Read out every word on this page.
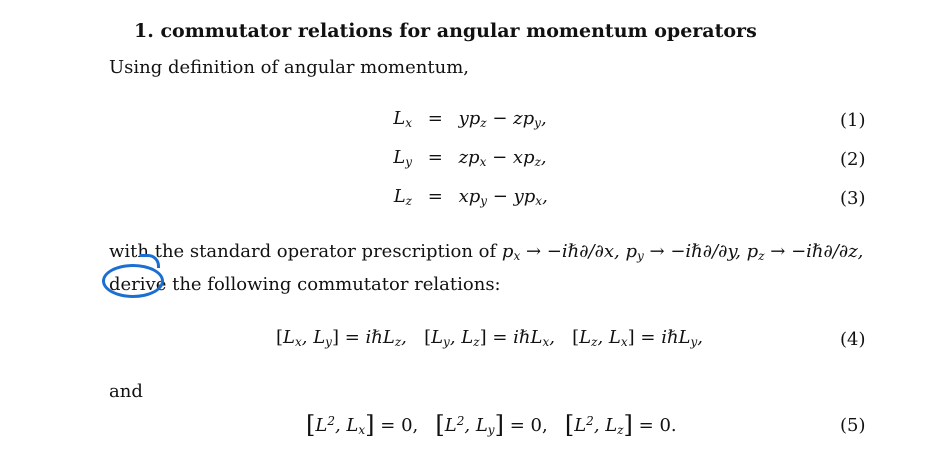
1. commutator relations for angular momentum operators
Using definition of angular momentum,
$L_x = yp_z - zp_y$,	(1)
$L_y = zp_x - xp_z$,	(2)
$L_z = xp_y - yp_x$,	(3)
with the standard operator prescription of $p_x$ → −iℏ∂/∂x, $p_y$ → −iℏ∂/∂y, $p_z$ → −iℏ∂/∂z,
derive the following commutator relations:
[$L_x$, $L_y$] = iℏL$_z$,   [$L_y$, $L_z$] = iℏL$_x$,   [$L_z$, $L_x$] = iℏL$_y$,	(4)
and
[$L^2$, $L_x] = 0$, [$L^2$, $L_y] = 0$, [$L^2$, $L_z] = 0$.	(5)
